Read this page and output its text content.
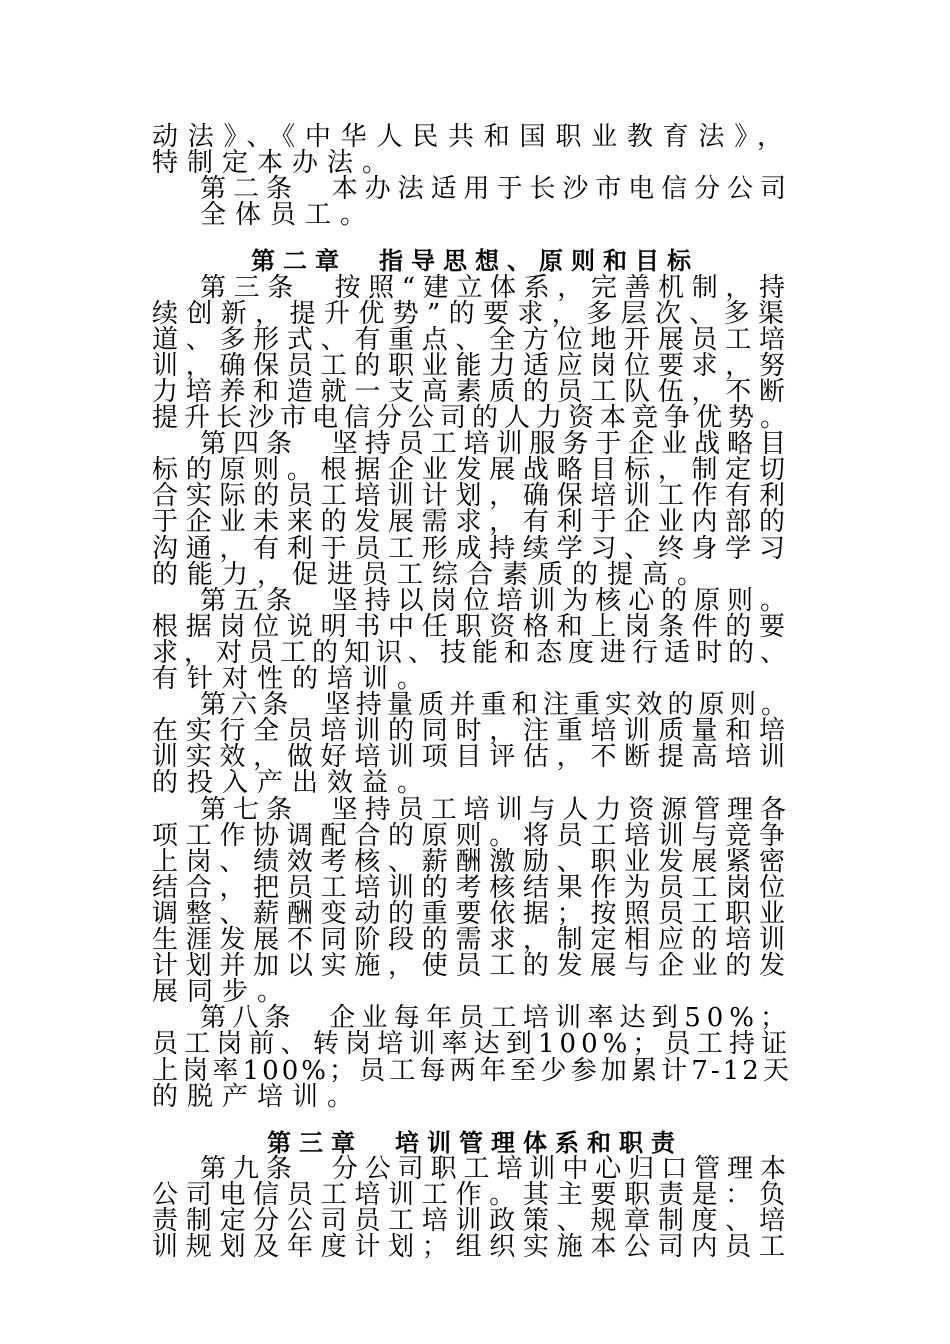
动法》、《中华人民共和国职业教育法》，
特制定本办法。
第二条　本办法适用于长沙市电信分公司
全体员工。
第二章　指导思想、原则和目标
第三条　按照“建立体系，完善机制，持
续创新，提升优势”的要求，多层次、多渠
道、多形式、有重点、全方位地开展员工培
训，确保员工的职业能力适应岗位要求，努
力培养和造就一支高素质的员工队伍，不断
提升长沙市电信分公司的人力资本竞争优势。
第四条　坚持员工培训服务于企业战略目
标的原则。根据企业发展战略目标，制定切
合实际的员工培训计划，确保培训工作有利
于企业未来的发展需求，有利于企业内部的
沟通，有利于员工形成持续学习、终身学习
的能力，促进员工综合素质的提高。
第五条　坚持以岗位培训为核心的原则。
根据岗位说明书中任职资格和上岗条件的要
求，对员工的知识、技能和态度进行适时的、
有针对性的培训。
第六条　坚持量质并重和注重实效的原则。
在实行全员培训的同时，注重培训质量和培
训实效，做好培训项目评估，不断提高培训
的投入产出效益。
第七条　坚持员工培训与人力资源管理各
项工作协调配合的原则。将员工培训与竞争
上岗、绩效考核、薪酬激励、职业发展紧密
结合，把员工培训的考核结果作为员工岗位
调整、薪酬变动的重要依据；按照员工职业
生涯发展不同阶段的需求，制定相应的培训
计划并加以实施，使员工的发展与企业的发
展同步。
第八条　企业每年员工培训率达到50%；
员工岗前、转岗培训率达到100%；员工持证
上岗率100%；员工每两年至少参加累计7-12天
的脱产培训。
第三章　培训管理体系和职责
第九条　分公司职工培训中心归口管理本
公司电信员工培训工作。其主要职责是：负
责制定分公司员工培训政策、规章制度、培
训规划及年度计划；组织实施本公司内员工
